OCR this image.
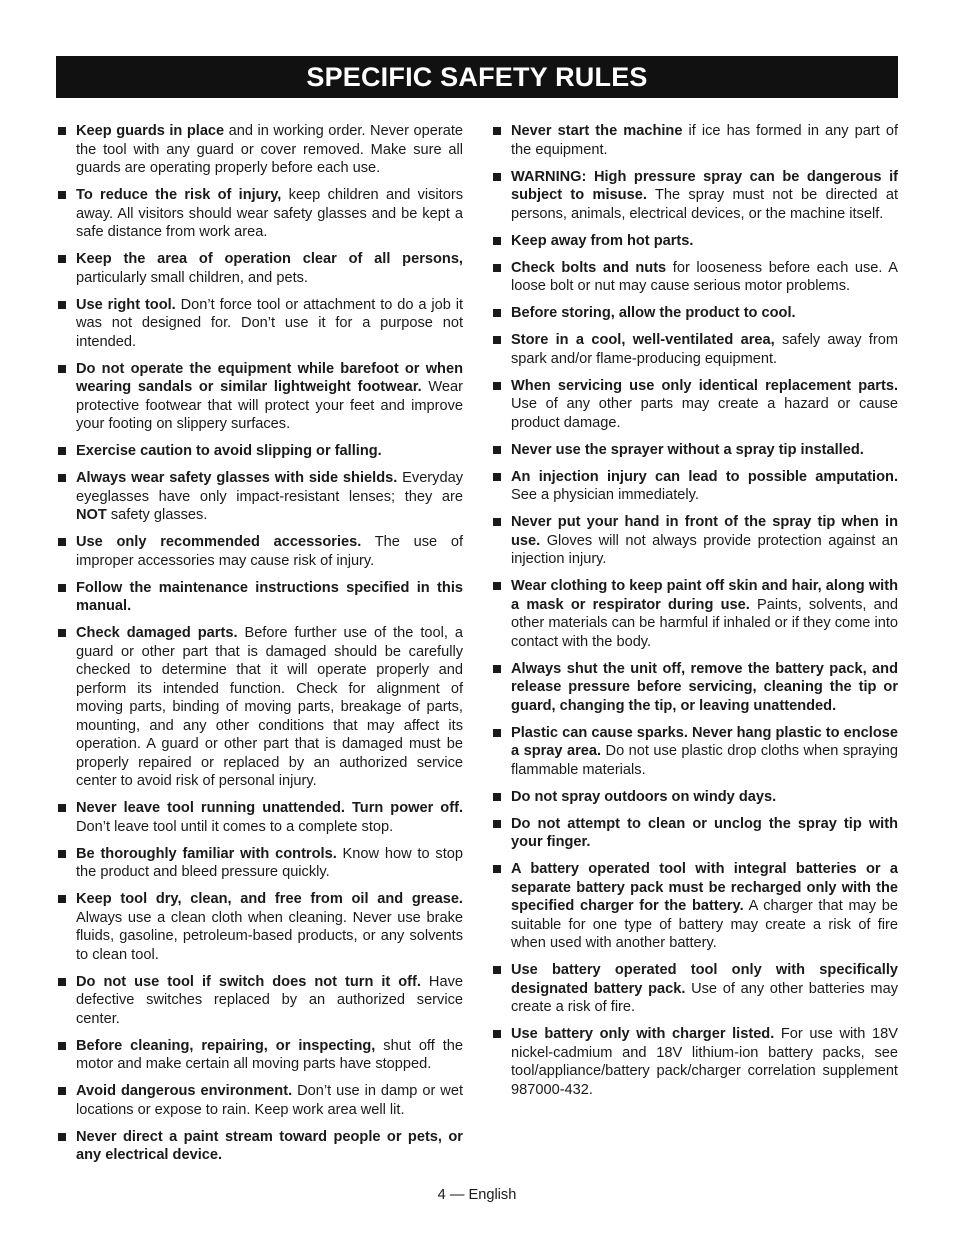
SPECIFIC SAFETY RULES
Keep guards in place and in working order. Never operate the tool with any guard or cover removed. Make sure all guards are operating properly before each use.
To reduce the risk of injury, keep children and visitors away. All visitors should wear safety glasses and be kept a safe distance from work area.
Keep the area of operation clear of all persons, particularly small children, and pets.
Use right tool. Don’t force tool or attachment to do a job it was not designed for. Don’t use it for a purpose not intended.
Do not operate the equipment while barefoot or when wearing sandals or similar lightweight footwear. Wear protective footwear that will protect your feet and improve your footing on slippery surfaces.
Exercise caution to avoid slipping or falling.
Always wear safety glasses with side shields. Everyday eyeglasses have only impact-resistant lenses; they are NOT safety glasses.
Use only recommended accessories. The use of improper accessories may cause risk of injury.
Follow the maintenance instructions specified in this manual.
Check damaged parts. Before further use of the tool, a guard or other part that is damaged should be carefully checked to determine that it will operate properly and perform its intended function. Check for alignment of moving parts, binding of moving parts, breakage of parts, mounting, and any other conditions that may affect its operation. A guard or other part that is damaged must be properly repaired or replaced by an authorized service center to avoid risk of personal injury.
Never leave tool running unattended. Turn power off. Don’t leave tool until it comes to a complete stop.
Be thoroughly familiar with controls. Know how to stop the product and bleed pressure quickly.
Keep tool dry, clean, and free from oil and grease. Always use a clean cloth when cleaning. Never use brake fluids, gasoline, petroleum-based products, or any solvents to clean tool.
Do not use tool if switch does not turn it off. Have defective switches replaced by an authorized service center.
Before cleaning, repairing, or inspecting, shut off the motor and make certain all moving parts have stopped.
Avoid dangerous environment. Don’t use in damp or wet locations or expose to rain. Keep work area well lit.
Never direct a paint stream toward people or pets, or any electrical device.
Never start the machine if ice has formed in any part of the equipment.
WARNING: High pressure spray can be dangerous if subject to misuse. The spray must not be directed at persons, animals, electrical devices, or the machine itself.
Keep away from hot parts.
Check bolts and nuts for looseness before each use. A loose bolt or nut may cause serious motor problems.
Before storing, allow the product to cool.
Store in a cool, well-ventilated area, safely away from spark and/or flame-producing equipment.
When servicing use only identical replacement parts. Use of any other parts may create a hazard or cause product damage.
Never use the sprayer without a spray tip installed.
An injection injury can lead to possible amputation. See a physician immediately.
Never put your hand in front of the spray tip when in use. Gloves will not always provide protection against an injection injury.
Wear clothing to keep paint off skin and hair, along with a mask or respirator during use. Paints, solvents, and other materials can be harmful if inhaled or if they come into contact with the body.
Always shut the unit off, remove the battery pack, and release pressure before servicing, cleaning the tip or guard, changing the tip, or leaving unattended.
Plastic can cause sparks. Never hang plastic to enclose a spray area. Do not use plastic drop cloths when spraying flammable materials.
Do not spray outdoors on windy days.
Do not attempt to clean or unclog the spray tip with your finger.
A battery operated tool with integral batteries or a separate battery pack must be recharged only with the specified charger for the battery. A charger that may be suitable for one type of battery may create a risk of fire when used with another battery.
Use battery operated tool only with specifically designated battery pack. Use of any other batteries may create a risk of fire.
Use battery only with charger listed. For use with 18V nickel-cadmium and 18V lithium-ion battery packs, see tool/appliance/battery pack/charger correlation supplement 987000-432.
4 — English
